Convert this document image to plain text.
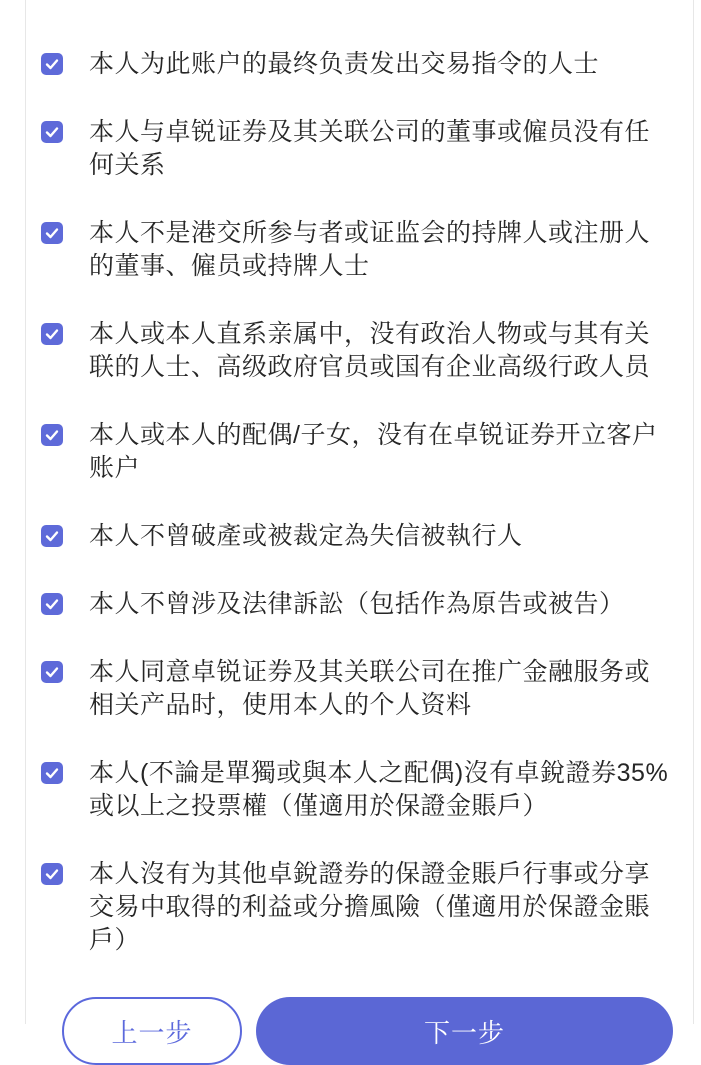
本人为此账户的最终负责发出交易指令的人士
本人与卓锐证券及其关联公司的董事或僱员没有任何关系
本人不是港交所参与者或证监会的持牌人或注册人的董事、僱员或持牌人士
本人或本人直系亲属中，没有政治人物或与其有关联的人士、高级政府官员或国有企业高级行政人员
本人或本人的配偶/子女，没有在卓锐证券开立客户账户
本人不曾破產或被裁定為失信被執行人
本人不曾涉及法律訴訟（包括作為原告或被告）
本人同意卓锐证券及其关联公司在推广金融服务或相关产品时，使用本人的个人资料
本人(不論是單獨或與本人之配偶)沒有卓銳證券35%或以上之投票權（僅適用於保證金賬戶）
本人沒有为其他卓銳證券的保證金賬戶行事或分享交易中取得的利益或分擔風險（僅適用於保證金賬戶）
上一步	下一步
